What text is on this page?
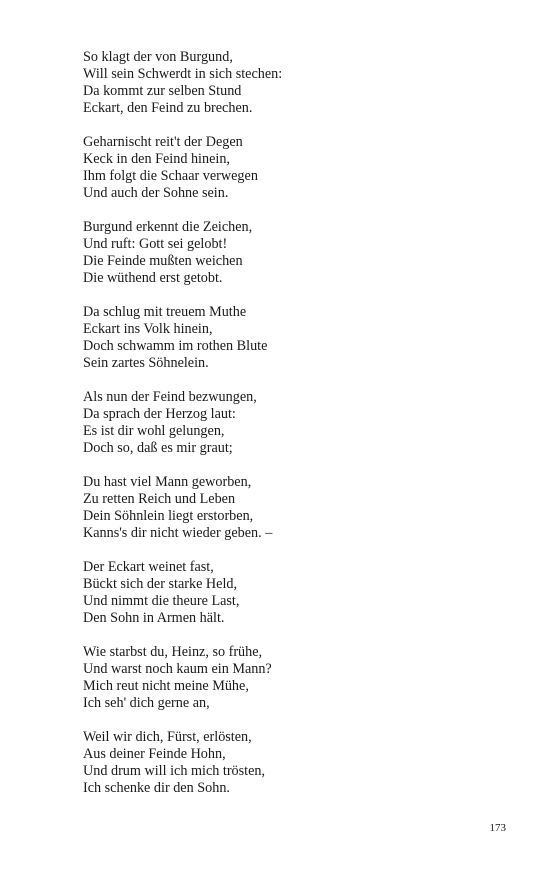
So klagt der von Burgund,
Will sein Schwerdt in sich stechen:
Da kommt zur selben Stund
Eckart, den Feind zu brechen.
Geharnischt reit't der Degen
Keck in den Feind hinein,
Ihm folgt die Schaar verwegen
Und auch der Sohne sein.
Burgund erkennt die Zeichen,
Und ruft: Gott sei gelobt!
Die Feinde mußten weichen
Die wüthend erst getobt.
Da schlug mit treuem Muthe
Eckart ins Volk hinein,
Doch schwamm im rothen Blute
Sein zartes Söhnelein.
Als nun der Feind bezwungen,
Da sprach der Herzog laut:
Es ist dir wohl gelungen,
Doch so, daß es mir graut;
Du hast viel Mann geworben,
Zu retten Reich und Leben
Dein Söhnlein liegt erstorben,
Kanns's dir nicht wieder geben. –
Der Eckart weinet fast,
Bückt sich der starke Held,
Und nimmt die theure Last,
Den Sohn in Armen hält.
Wie starbst du, Heinz, so frühe,
Und warst noch kaum ein Mann?
Mich reut nicht meine Mühe,
Ich seh' dich gerne an,
Weil wir dich, Fürst, erlösten,
Aus deiner Feinde Hohn,
Und drum will ich mich trösten,
Ich schenke dir den Sohn.
173
